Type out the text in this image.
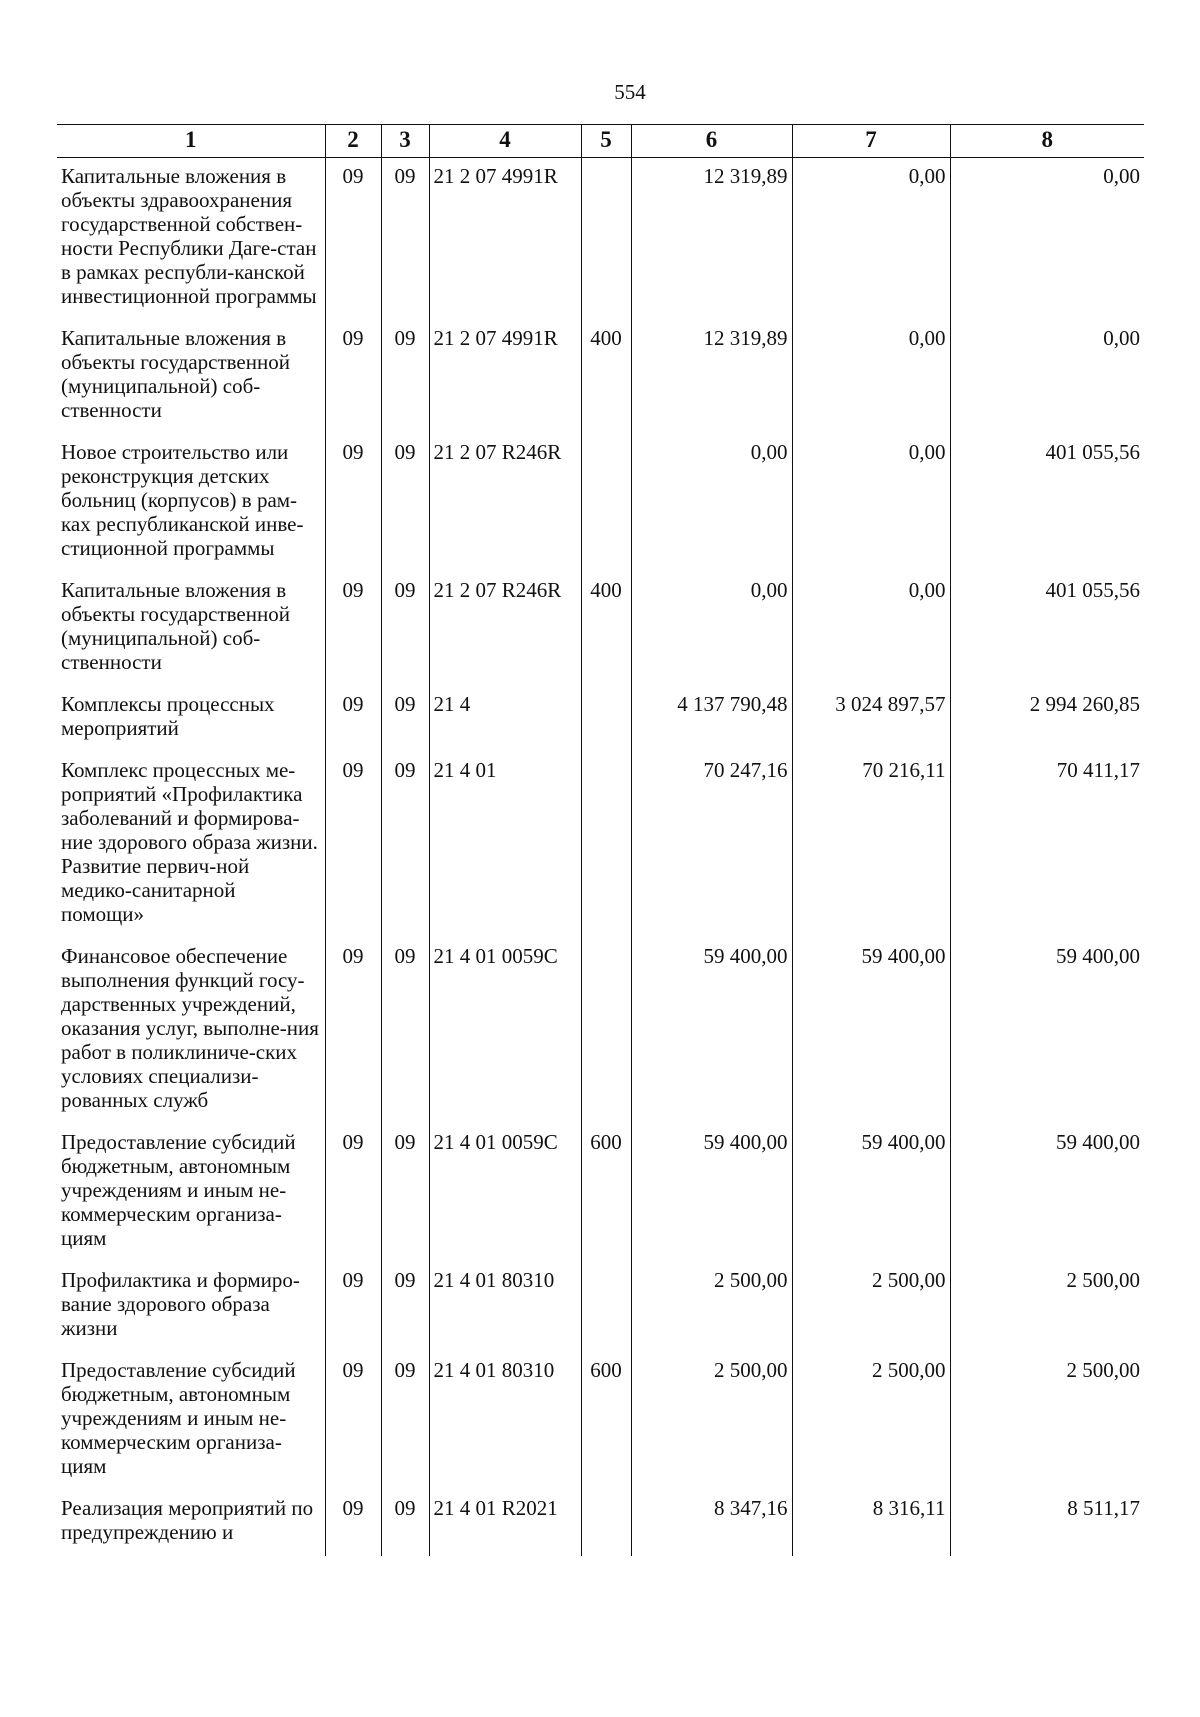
554
1	2	3	4	5	6	7	8
Капитальные вложения в объекты здравоохранения государственной собствен-ности Республики Даге-стан в рамках республи-канской инвестиционной программы	09	09	21 2 07 4991R		12 319,89	0,00	0,00
Капитальные вложения в объекты государственной (муниципальной) соб-ственности	09	09	21 2 07 4991R	400	12 319,89	0,00	0,00
Новое строительство или реконструкция детских больниц (корпусов) в рам-ках республиканской инве-стиционной программы	09	09	21 2 07 R246R		0,00	0,00	401 055,56
Капитальные вложения в объекты государственной (муниципальной) соб-ственности	09	09	21 2 07 R246R	400	0,00	0,00	401 055,56
Комплексы процессных мероприятий	09	09	21 4		4 137 790,48	3 024 897,57	2 994 260,85
Комплекс процессных ме-роприятий «Профилактика заболеваний и формирова-ние здорового образа жизни. Развитие первич-ной медико-санитарной помощи»	09	09	21 4 01		70 247,16	70 216,11	70 411,17
Финансовое обеспечение выполнения функций госу-дарственных учреждений, оказания услуг, выполне-ния работ в поликлиниче-ских условиях специализи-рованных служб	09	09	21 4 01 0059С		59 400,00	59 400,00	59 400,00
Предоставление субсидий бюджетным, автономным учреждениям и иным не-коммерческим организа-циям	09	09	21 4 01 0059С	600	59 400,00	59 400,00	59 400,00
Профилактика и формиро-вание здорового образа жизни	09	09	21 4 01 80310		2 500,00	2 500,00	2 500,00
Предоставление субсидий бюджетным, автономным учреждениям и иным не-коммерческим организа-циям	09	09	21 4 01 80310	600	2 500,00	2 500,00	2 500,00
Реализация мероприятий по предупреждению и	09	09	21 4 01 R2021		8 347,16	8 316,11	8 511,17
